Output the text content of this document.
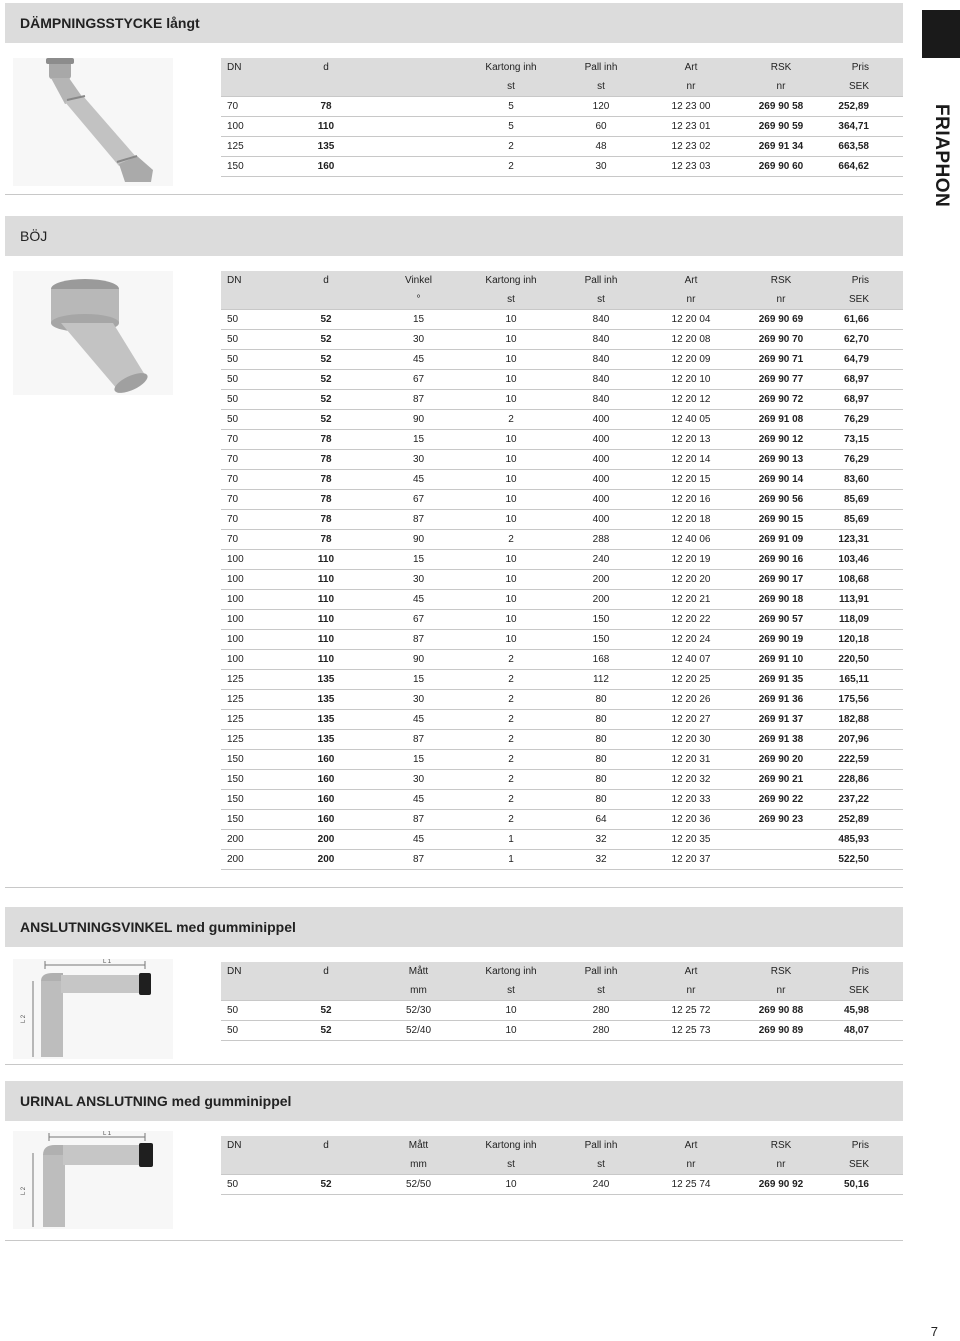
FRIAPHON
DÄMPNINGSSTYCKE långt
DN	d		Kartong inh	Pall inh	Art	RSK	Pris
			st	st	nr	nr	SEK
70	78		5	120	12 23 00	269 90 58	252,89
100	110		5	60	12 23 01	269 90 59	364,71
125	135		2	48	12 23 02	269 91 34	663,58
150	160		2	30	12 23 03	269 90 60	664,62
BÖJ
DN	d	Vinkel	Kartong inh	Pall inh	Art	RSK	Pris
		°	st	st	nr	nr	SEK
50	52	15	10	840	12 20 04	269 90 69	61,66
50	52	30	10	840	12 20 08	269 90 70	62,70
50	52	45	10	840	12 20 09	269 90 71	64,79
50	52	67	10	840	12 20 10	269 90 77	68,97
50	52	87	10	840	12 20 12	269 90 72	68,97
50	52	90	2	400	12 40 05	269 91 08	76,29
70	78	15	10	400	12 20 13	269 90 12	73,15
70	78	30	10	400	12 20 14	269 90 13	76,29
70	78	45	10	400	12 20 15	269 90 14	83,60
70	78	67	10	400	12 20 16	269 90 56	85,69
70	78	87	10	400	12 20 18	269 90 15	85,69
70	78	90	2	288	12 40 06	269 91 09	123,31
100	110	15	10	240	12 20 19	269 90 16	103,46
100	110	30	10	200	12 20 20	269 90 17	108,68
100	110	45	10	200	12 20 21	269 90 18	113,91
100	110	67	10	150	12 20 22	269 90 57	118,09
100	110	87	10	150	12 20 24	269 90 19	120,18
100	110	90	2	168	12 40 07	269 91 10	220,50
125	135	15	2	112	12 20 25	269 91 35	165,11
125	135	30	2	80	12 20 26	269 91 36	175,56
125	135	45	2	80	12 20 27	269 91 37	182,88
125	135	87	2	80	12 20 30	269 91 38	207,96
150	160	15	2	80	12 20 31	269 90 20	222,59
150	160	30	2	80	12 20 32	269 90 21	228,86
150	160	45	2	80	12 20 33	269 90 22	237,22
150	160	87	2	64	12 20 36	269 90 23	252,89
200	200	45	1	32	12 20 35		485,93
200	200	87	1	32	12 20 37		522,50
ANSLUTNINGSVINKEL med gumminippel
L 1
L 2
DN	d	Mått	Kartong inh	Pall inh	Art	RSK	Pris
		mm	st	st	nr	nr	SEK
50	52	52/30	10	280	12 25 72	269 90 88	45,98
50	52	52/40	10	280	12 25 73	269 90 89	48,07
URINAL ANSLUTNING med gumminippel
L 1
L 2
DN	d	Mått	Kartong inh	Pall inh	Art	RSK	Pris
		mm	st	st	nr	nr	SEK
50	52	52/50	10	240	12 25 74	269 90 92	50,16
7
